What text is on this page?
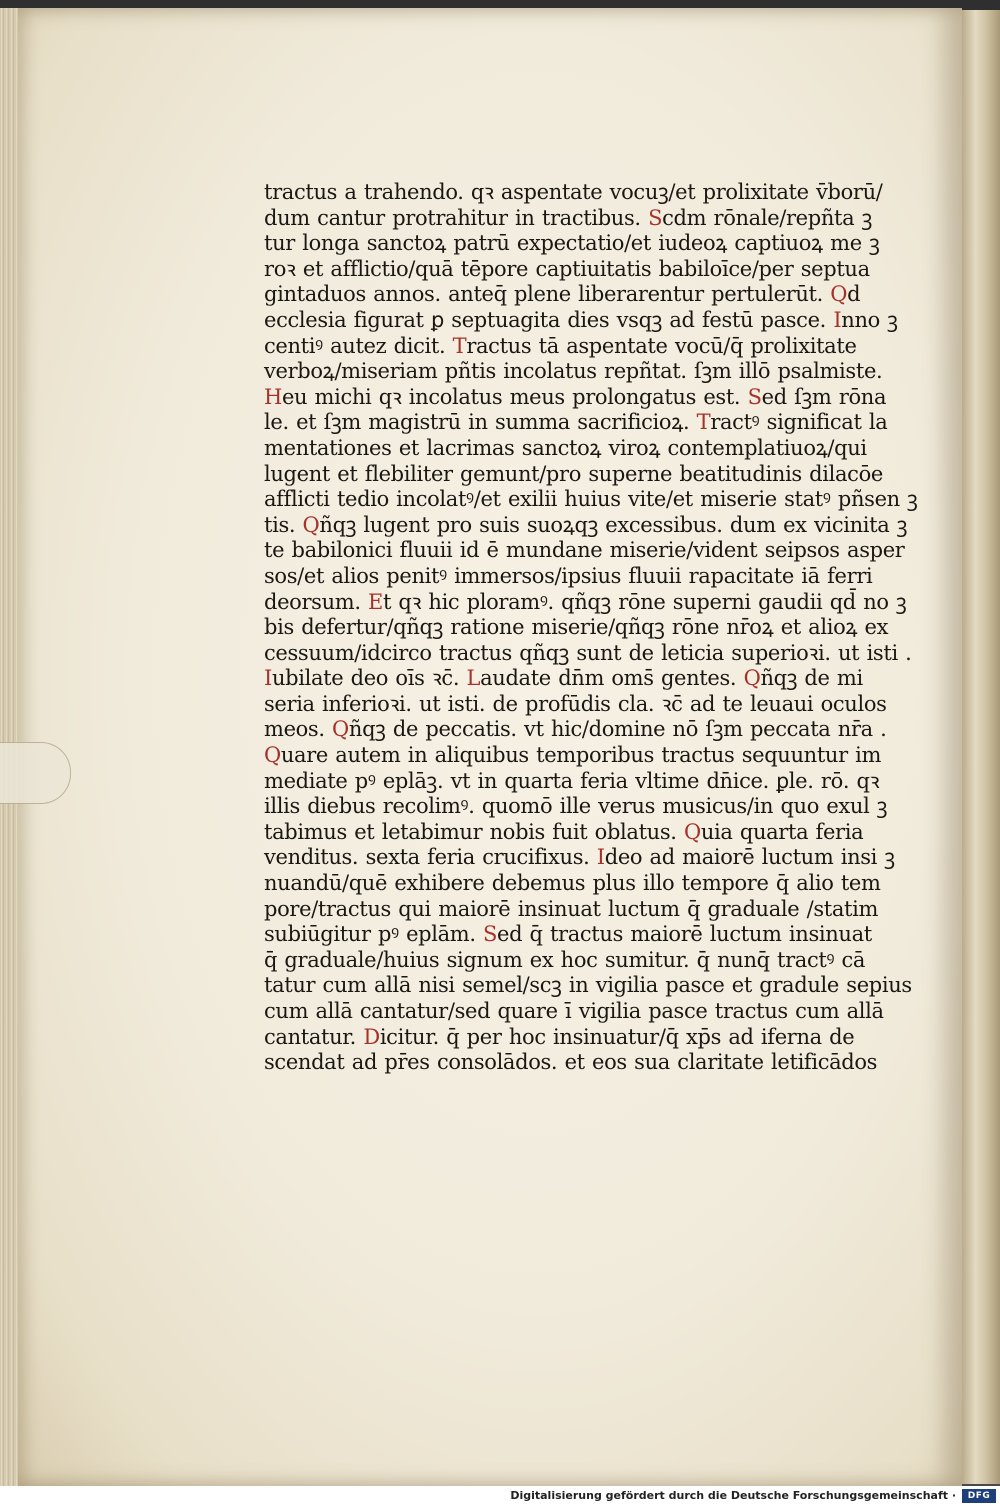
tractus a trahendo. qꝛ aspentate vocuꝫ/et prolixitate v̄borū/
dum cantur protrahitur in tractibus. Scdm rōnale/repñta ꝫ
tur longa sanctoꝝ patrū expectatio/et iudeoꝝ captiuoꝝ me ꝫ
roꝛ et afflictio/quā tēpore captiuitatis babiloīce/per septua
gintaduos annos. anteq̄ plene liberarentur pertulerūt. Qd
ecclesia figurat ꝑ septuagita dies vsqꝫ ad festū pasce. Inno ꝫ
centiꝰ autez dicit. Tractus tā aspentate vocū/q̄ prolixitate
verboꝝ/miseriam pñtis incolatus repñtat. ſꝫm illō psalmiste.
Heu michi qꝛ incolatus meus prolongatus est. Sed ſꝫm rōna
le. et ſꝫm magistrū in summa sacrificioꝝ. Tractꝰ significat la
mentationes et lacrimas sanctoꝝ viroꝝ contemplatiuoꝝ/qui
lugent et flebiliter gemunt/pro superne beatitudinis dilacōe
afflicti tedio incolatꝰ/et exilii huius vite/et miserie statꝰ pñsen ꝫ
tis. Qñqꝫ lugent pro suis suoꝝqꝫ excessibus. dum ex vicinita ꝫ
te babilonici fluuii id ē mundane miserie/vident seipsos asper
sos/et alios penitꝰ immersos/ipsius fluuii rapacitate iā ferri
deorsum. Et qꝛ hic ploramꝰ. qñqꝫ rōne superni gaudii qd̄ no ꝫ
bis defertur/qñqꝫ ratione miserie/qñqꝫ rōne nr̄oꝝ et alioꝝ ex
cessuum/idcirco tractus qñqꝫ sunt de leticia superioꝛi. ut isti .
Iubilate deo oīs ꝛc̄. Laudate dn̄m oms̄ gentes. Qñqꝫ de mi
seria inferioꝛi. ut isti. de profūdis cla. ꝛc̄ ad te leuaui oculos
meos. Qñqꝫ de peccatis. vt hic/domine nō ſꝫm peccata nr̄a .
Quare autem in aliquibus temporibus tractus sequuntur im
mediate pꝰ eplāꝫ. vt in quarta feria vltime dn̄ice. ꝑle. rō. qꝛ
illis diebus recolimꝰ. quomō ille verus musicus/in quo exul ꝫ
tabimus et letabimur nobis fuit oblatus. Quia quarta feria
venditus. sexta feria crucifixus. Ideo ad maiorē luctum insi ꝫ
nuandū/quē exhibere debemus plus illo tempore q̄ alio tem
pore/tractus qui maiorē insinuat luctum q̄ graduale /statim
subiūgitur pꝰ eplām. Sed q̄ tractus maiorē luctum insinuat
q̄ graduale/huius signum ex hoc sumitur. q̄ nunq̄ tractꝰ cā
tatur cum allā nisi semel/scꝫ in vigilia pasce et gradule sepius
cum allā cantatur/sed quare ī vigilia pasce tractus cum allā
cantatur. Dicitur. q̄ per hoc insinuatur/q̄ xp̄s ad iferna de
scendat ad pr̄es consolādos. et eos sua claritate letificādos
Digitalisierung gefördert durch die Deutsche Forschungsgemeinschaft ·	DFG
